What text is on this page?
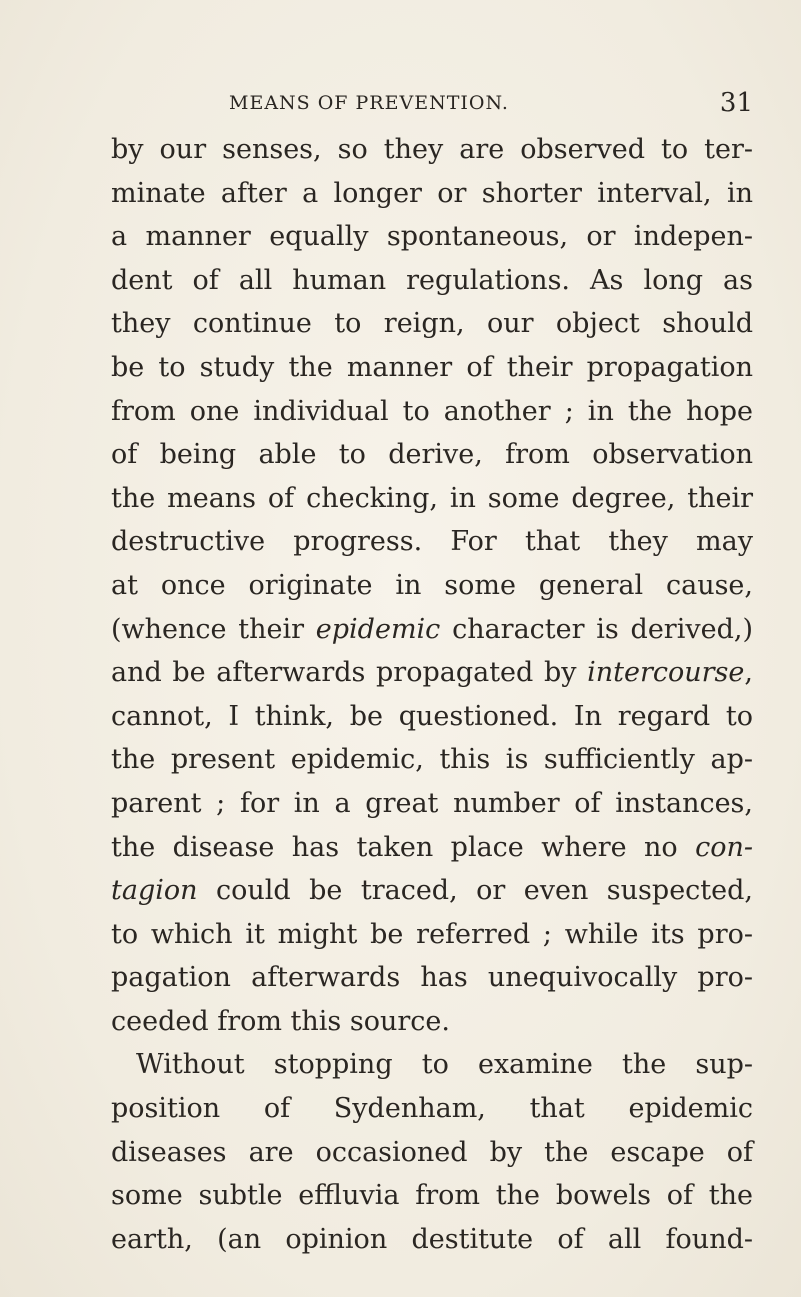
MEANS OF PREVENTION.	31
by our senses, so they are observed to ter-
minate after a longer or shorter interval, in
a manner equally spontaneous, or indepen-
dent of all human regulations. As long as
they continue to reign, our object should
be to study the manner of their propagation
from one individual to another ; in the hope
of being able to derive, from observation
the means of checking, in some degree, their
destructive progress. For that they may
at once originate in some general cause,
(whence their epidemic character is derived,)
and be afterwards propagated by intercourse,
cannot, I think, be questioned. In regard to
the present epidemic, this is sufficiently ap-
parent ; for in a great number of instances,
the disease has taken place where no con-
tagion could be traced, or even suspected,
to which it might be referred ; while its pro-
pagation afterwards has unequivocally pro-
ceeded from this source.
Without stopping to examine the sup-
position of Sydenham, that epidemic
diseases are occasioned by the escape of
some subtle effluvia from the bowels of the
earth, (an opinion destitute of all found-
